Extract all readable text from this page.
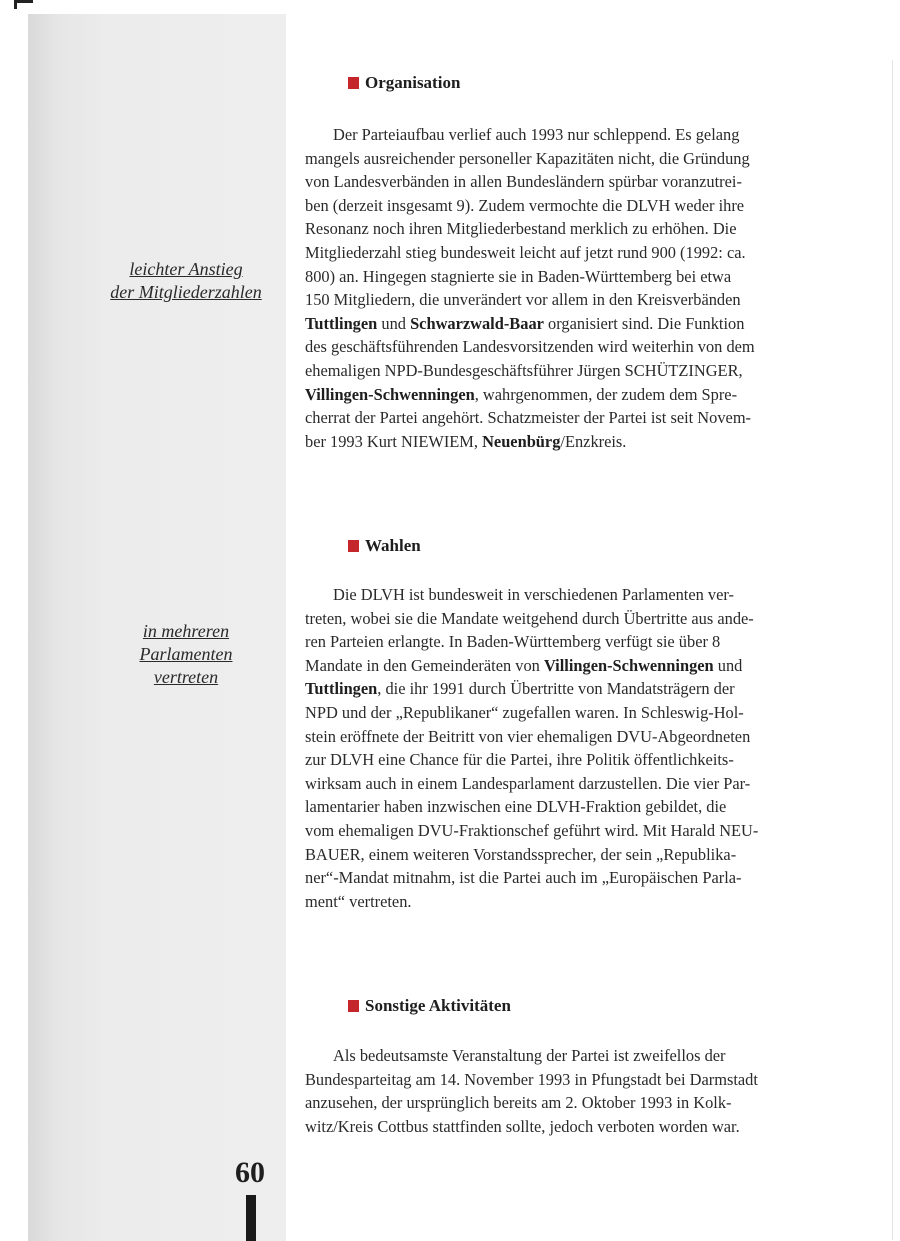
leichter Anstieg
der Mitgliederzahlen
in mehreren
Parlamenten
vertreten
Organisation
Wahlen
Sonstige Aktivitäten
Der Parteiaufbau verlief auch 1993 nur schleppend. Es gelang
mangels ausreichender personeller Kapazitäten nicht, die Gründung
von Landesverbänden in allen Bundesländern spürbar voranzutrei-
ben (derzeit insgesamt 9). Zudem vermochte die DLVH weder ihre
Resonanz noch ihren Mitgliederbestand merklich zu erhöhen. Die
Mitgliederzahl stieg bundesweit leicht auf jetzt rund 900 (1992: ca.
800) an. Hingegen stagnierte sie in Baden-Württemberg bei etwa
150 Mitgliedern, die unverändert vor allem in den Kreisverbänden
Tuttlingen und Schwarzwald-Baar organisiert sind. Die Funktion
des geschäftsführenden Landesvorsitzenden wird weiterhin von dem
ehemaligen NPD-Bundesgeschäftsführer Jürgen SCHÜTZINGER,
Villingen-Schwenningen, wahrgenommen, der zudem dem Spre-
cherrat der Partei angehört. Schatzmeister der Partei ist seit Novem-
ber 1993 Kurt NIEWIEM, Neuenbürg/Enzkreis.
Die DLVH ist bundesweit in verschiedenen Parlamenten ver-
treten, wobei sie die Mandate weitgehend durch Übertritte aus ande-
ren Parteien erlangte. In Baden-Württemberg verfügt sie über 8
Mandate in den Gemeinderäten von Villingen-Schwenningen und
Tuttlingen, die ihr 1991 durch Übertritte von Mandatsträgern der
NPD und der „Republikaner“ zugefallen waren. In Schleswig-Hol-
stein eröffnete der Beitritt von vier ehemaligen DVU-Abgeordneten
zur DLVH eine Chance für die Partei, ihre Politik öffentlichkeits-
wirksam auch in einem Landesparlament darzustellen. Die vier Par-
lamentarier haben inzwischen eine DLVH-Fraktion gebildet, die
vom ehemaligen DVU-Fraktionschef geführt wird. Mit Harald NEU-
BAUER, einem weiteren Vorstandssprecher, der sein „Republika-
ner“-Mandat mitnahm, ist die Partei auch im „Europäischen Parla-
ment“ vertreten.
Als bedeutsamste Veranstaltung der Partei ist zweifellos der
Bundesparteitag am 14. November 1993 in Pfungstadt bei Darmstadt
anzusehen, der ursprünglich bereits am 2. Oktober 1993 in Kolk-
witz/Kreis Cottbus stattfinden sollte, jedoch verboten worden war.
60
